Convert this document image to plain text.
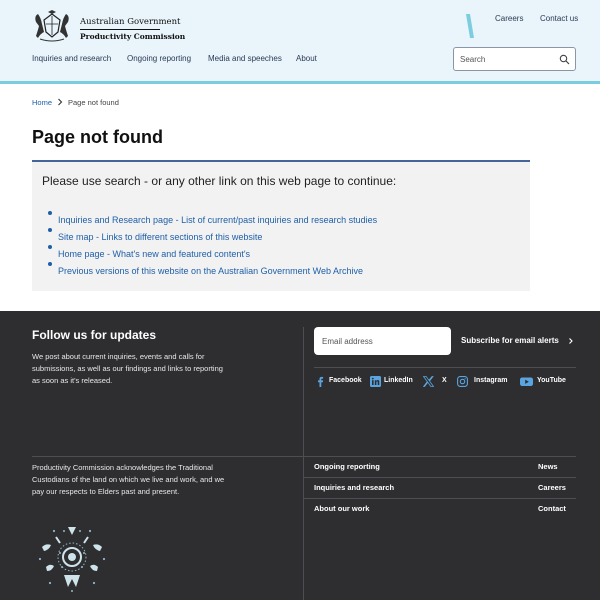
Australian Government
Productivity Commission
Careers Contact us
Inquiries and research Ongoing reporting Media and speeches About
Search
Home Page not found
Page not found

Please use search - or any other link on this web page to continue:

Inquiries and Research page - List of current/past inquiries and research studies
Site map - Links to different sections of this website
Home page - What's new and featured content's
Previous versions of this website on the Australian Government Web Archive
Follow us for updates

We post about current inquiries, events and calls for submissions, as well as our findings and links to reporting as soon as it's released.

Email address
Subscribe for email alerts
Facebook	LinkedIn	X	Instagram	YouTube

Productivity Commission acknowledges the Traditional Custodians of the land on which we live and work, and we pay our respects to Elders past and present.

Ongoing reporting	News
Inquiries and research	Careers
About our work	Contact
